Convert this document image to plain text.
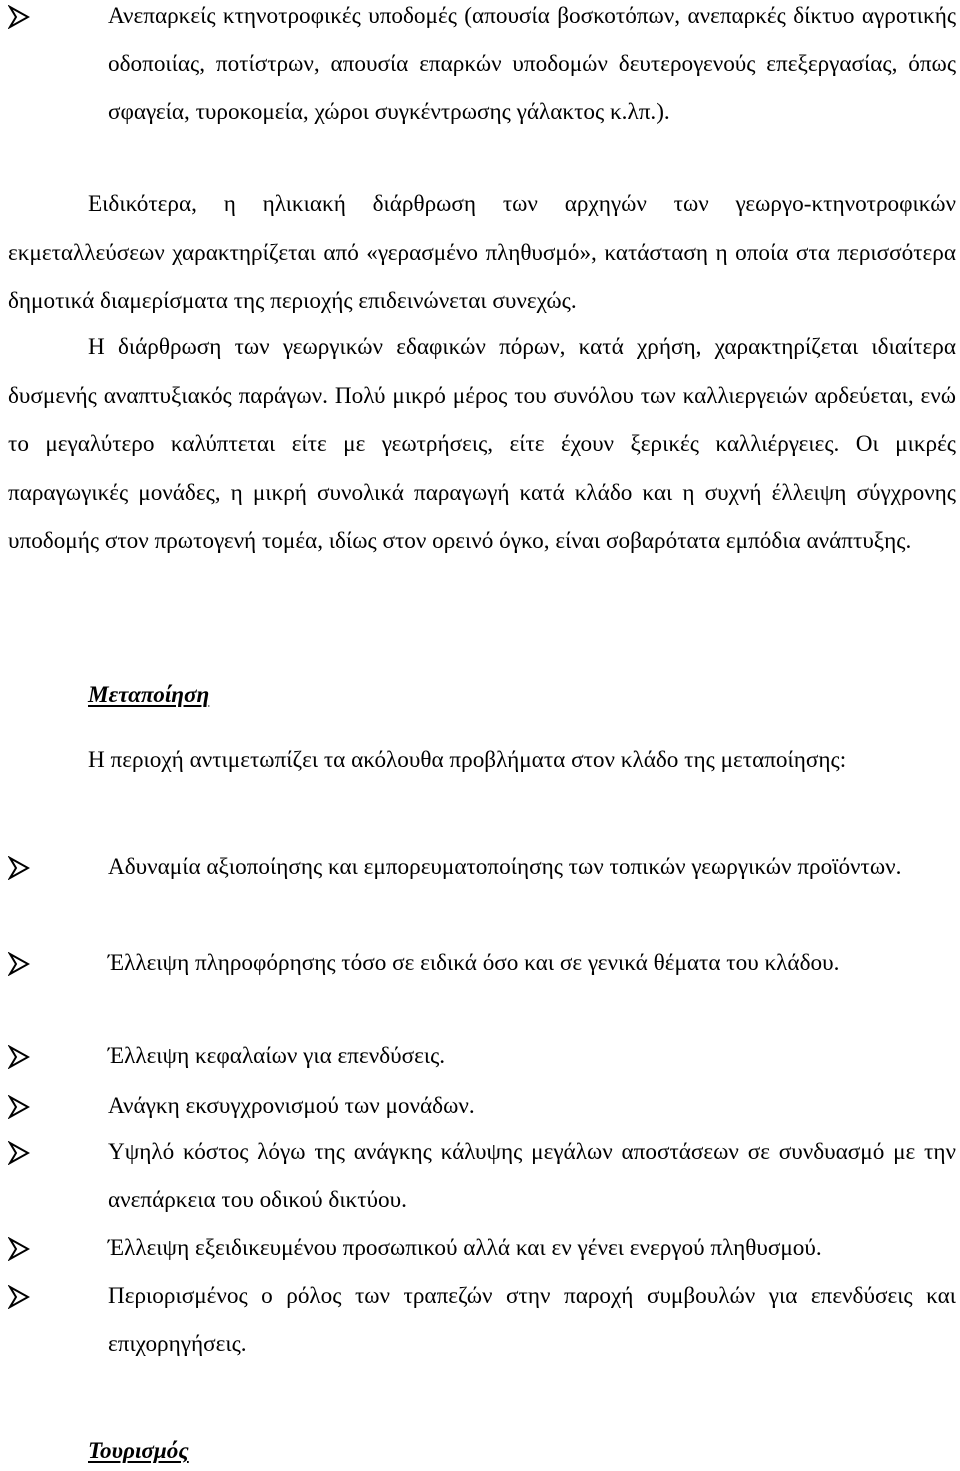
Ανεπαρκείς κτηνοτροφικές υποδομές (απουσία βοσκοτόπων, ανεπαρκές δίκτυο αγροτικής οδοποιίας, ποτίστρων, απουσία επαρκών υποδομών δευτερογενούς επεξεργασίας, όπως σφαγεία, τυροκομεία, χώροι συγκέντρωσης γάλακτος κ.λπ.).
Ειδικότερα, η ηλικιακή διάρθρωση των αρχηγών των γεωργο-κτηνοτροφικών εκμεταλλεύσεων χαρακτηρίζεται από «γερασμένο πληθυσμό», κατάσταση η οποία στα περισσότερα δημοτικά διαμερίσματα της περιοχής επιδεινώνεται συνεχώς.
Η διάρθρωση των γεωργικών εδαφικών πόρων, κατά χρήση, χαρακτηρίζεται ιδιαίτερα δυσμενής αναπτυξιακός παράγων. Πολύ μικρό μέρος του συνόλου των καλλιεργειών αρδεύεται, ενώ το μεγαλύτερο καλύπτεται είτε με γεωτρήσεις, είτε έχουν ξερικές καλλιέργειες. Οι μικρές παραγωγικές μονάδες, η μικρή συνολικά παραγωγή κατά κλάδο και η συχνή έλλειψη σύγχρονης υποδομής στον πρωτογενή τομέα, ιδίως στον ορεινό όγκο, είναι σοβαρότατα εμπόδια ανάπτυξης.
Μεταποίηση
Η περιοχή αντιμετωπίζει τα ακόλουθα προβλήματα στον κλάδο της μεταποίησης:
Αδυναμία αξιοποίησης και εμπορευματοποίησης των τοπικών γεωργικών προϊόντων.
Έλλειψη πληροφόρησης τόσο σε ειδικά όσο και σε γενικά θέματα του κλάδου.
Έλλειψη κεφαλαίων για επενδύσεις.
Ανάγκη εκσυγχρονισμού των μονάδων.
Υψηλό κόστος λόγω της ανάγκης κάλυψης μεγάλων αποστάσεων σε συνδυασμό με την ανεπάρκεια του οδικού δικτύου.
Έλλειψη εξειδικευμένου προσωπικού αλλά και εν γένει ενεργού πληθυσμού.
Περιορισμένος ο ρόλος των τραπεζών στην παροχή συμβουλών για επενδύσεις και επιχορηγήσεις.
Τουρισμός
